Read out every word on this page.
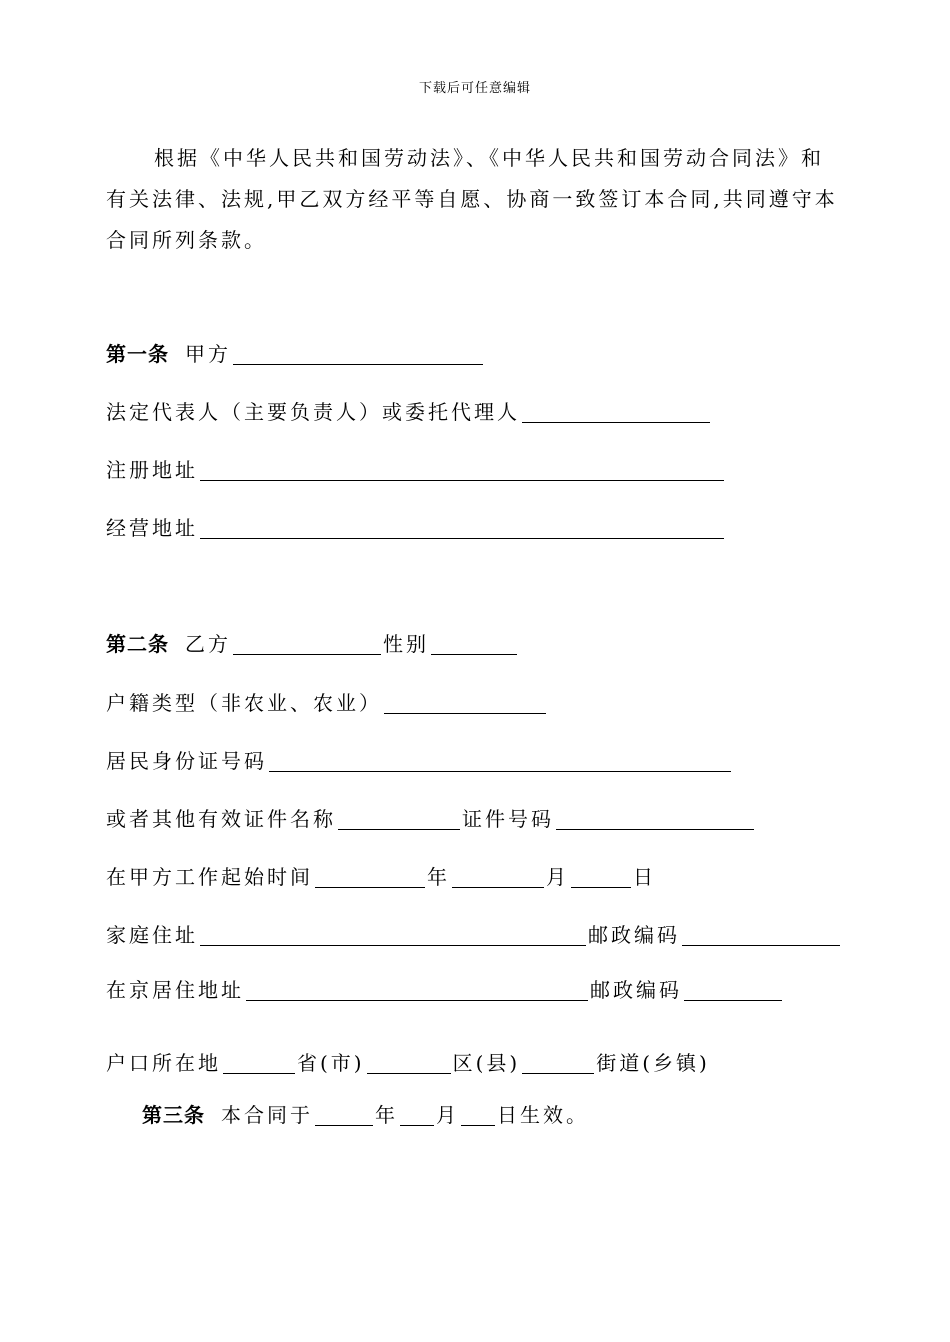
下载后可任意编辑
根据《中华人民共和国劳动法》、《中华人民共和国劳动合同法》和有关法律、法规,甲乙双方经平等自愿、协商一致签订本合同,共同遵守本合同所列条款。
第一条 甲方
法定代表人（主要负责人）或委托代理人
注册地址
经营地址
第二条 乙方	性别
户籍类型（非农业、农业）
居民身份证号码
或者其他有效证件名称	证件号码
在甲方工作起始时间	年	月	日
家庭住址	邮政编码
在京居住地址	邮政编码
户口所在地	省(市)	区(县)	街道(乡镇)
第三条 本合同于	年 月 日生效。
